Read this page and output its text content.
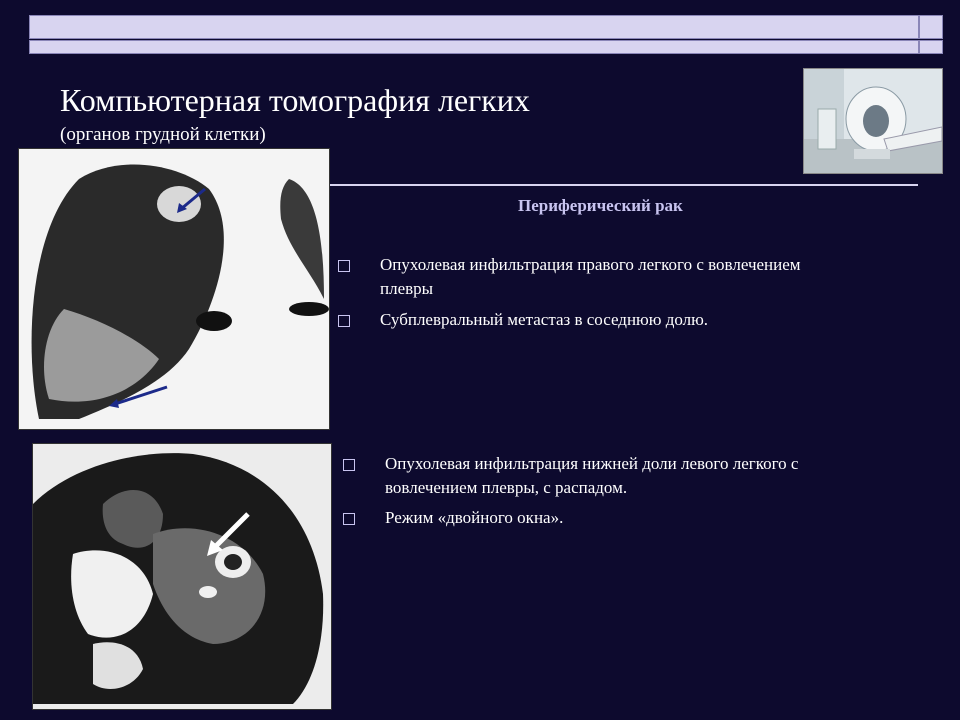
Компьютерная томография легких
(органов грудной клетки)
Периферический рак
Опухолевая инфильтрация правого легкого с вовлечением плевры
Субплевральный метастаз в соседнюю долю.
Опухолевая инфильтрация нижней доли левого легкого с вовлечением плевры, с распадом.
Режим «двойного окна».
